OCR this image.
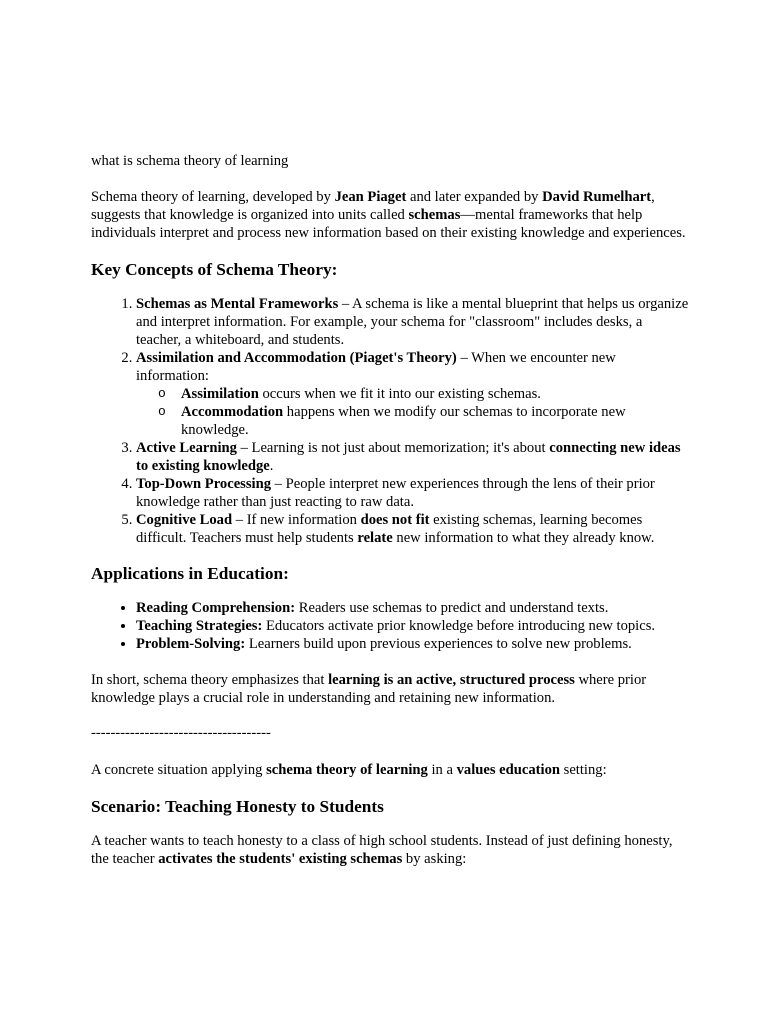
what is schema theory of learning

Schema theory of learning, developed by Jean Piaget and later expanded by David Rumelhart, suggests that knowledge is organized into units called schemas—mental frameworks that help individuals interpret and process new information based on their existing knowledge and experiences.

Key Concepts of Schema Theory:
1. Schemas as Mental Frameworks – A schema is like a mental blueprint that helps us organize and interpret information. For example, your schema for "classroom" includes desks, a teacher, a whiteboard, and students.
2. Assimilation and Accommodation (Piaget's Theory) – When we encounter new information:
o Assimilation occurs when we fit it into our existing schemas.
o Accommodation happens when we modify our schemas to incorporate new knowledge.
3. Active Learning – Learning is not just about memorization; it's about connecting new ideas to existing knowledge.
4. Top-Down Processing – People interpret new experiences through the lens of their prior knowledge rather than just reacting to raw data.
5. Cognitive Load – If new information does not fit existing schemas, learning becomes difficult. Teachers must help students relate new information to what they already know.
Applications in Education:
• Reading Comprehension: Readers use schemas to predict and understand texts.
• Teaching Strategies: Educators activate prior knowledge before introducing new topics.
• Problem-Solving: Learners build upon previous experiences to solve new problems.

In short, schema theory emphasizes that learning is an active, structured process where prior knowledge plays a crucial role in understanding and retaining new information.

-------------------------------------

A concrete situation applying schema theory of learning in a values education setting:

Scenario: Teaching Honesty to Students

A teacher wants to teach honesty to a class of high school students. Instead of just defining honesty, the teacher activates the students' existing schemas by asking:
